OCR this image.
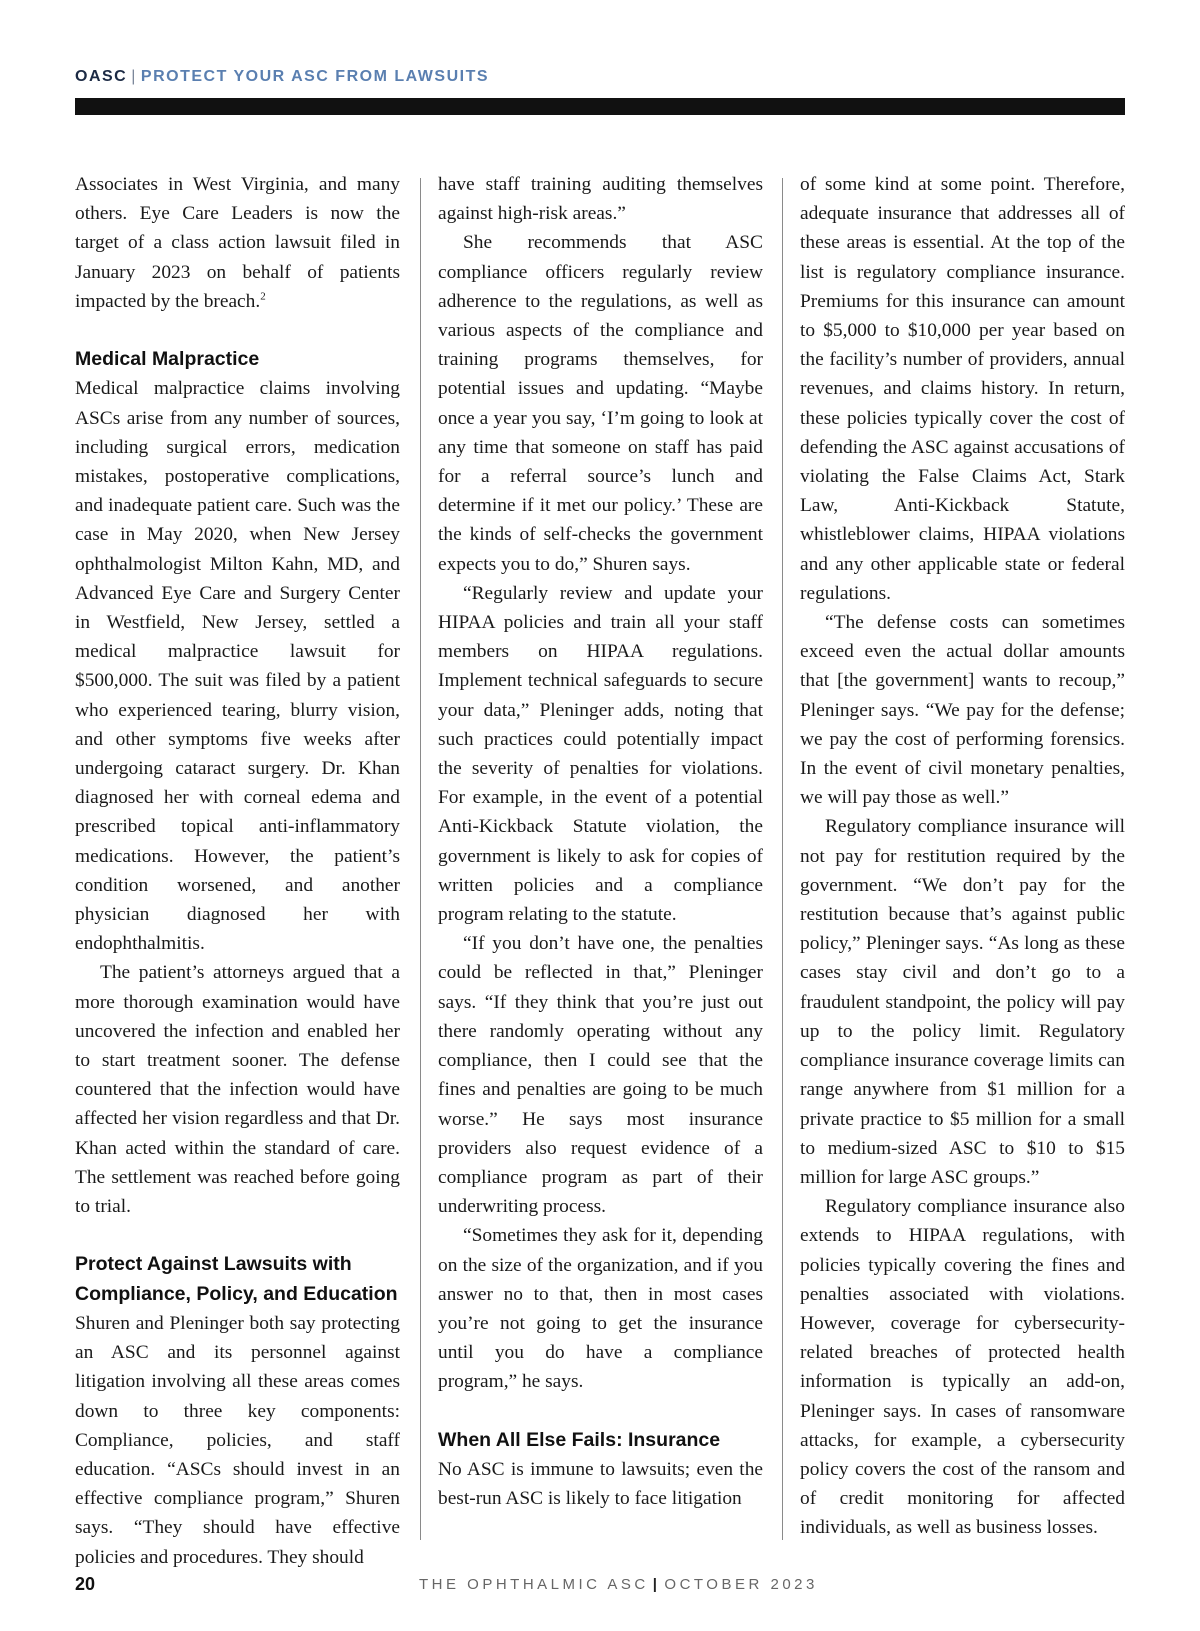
OASC | PROTECT YOUR ASC FROM LAWSUITS

Associates in West Virginia, and many others. Eye Care Leaders is now the target of a class action lawsuit filed in January 2023 on behalf of patients impacted by the breach.$^2$

Medical Malpractice

Medical malpractice claims involving ASCs arise from any number of sources, including surgical errors, medication mistakes, postoperative complications, and inadequate patient care. Such was the case in May 2020, when New Jersey ophthalmologist Milton Kahn, MD, and Advanced Eye Care and Surgery Center in Westfield, New Jersey, settled a medical malpractice lawsuit for $500,000. The suit was filed by a patient who experienced tearing, blurry vision, and other symptoms five weeks after undergoing cataract surgery. Dr. Khan diagnosed her with corneal edema and prescribed topical anti-inflammatory medications. However, the patient’s condition worsened, and another physician diagnosed her with endophthalmitis.

The patient’s attorneys argued that a more thorough examination would have uncovered the infection and enabled her to start treatment sooner. The defense countered that the infection would have affected her vision regardless and that Dr. Khan acted within the standard of care. The settlement was reached before going to trial.

Protect Against Lawsuits with Compliance, Policy, and Education

Shuren and Pleninger both say protecting an ASC and its personnel against litigation involving all these areas comes down to three key components: Compliance, policies, and staff education. “ASCs should invest in an effective compliance program,” Shuren says. “They should have effective policies and procedures. They should

have staff training auditing themselves against high-risk areas.”

She recommends that ASC compliance officers regularly review adherence to the regulations, as well as various aspects of the compliance and training programs themselves, for potential issues and updating. “Maybe once a year you say, ‘I’m going to look at any time that someone on staff has paid for a referral source’s lunch and determine if it met our policy.’ These are the kinds of self-checks the government expects you to do,” Shuren says.

“Regularly review and update your HIPAA policies and train all your staff members on HIPAA regulations. Implement technical safeguards to secure your data,” Pleninger adds, noting that such practices could potentially impact the severity of penalties for violations. For example, in the event of a potential Anti-Kickback Statute violation, the government is likely to ask for copies of written policies and a compliance program relating to the statute.

“If you don’t have one, the penalties could be reflected in that,” Pleninger says. “If they think that you’re just out there randomly operating without any compliance, then I could see that the fines and penalties are going to be much worse.” He says most insurance providers also request evidence of a compliance program as part of their underwriting process.

“Sometimes they ask for it, depending on the size of the organization, and if you answer no to that, then in most cases you’re not going to get the insurance until you do have a compliance program,” he says.

When All Else Fails: Insurance

No ASC is immune to lawsuits; even the best-run ASC is likely to face litigation

of some kind at some point. Therefore, adequate insurance that addresses all of these areas is essential. At the top of the list is regulatory compliance insurance. Premiums for this insurance can amount to $5,000 to $10,000 per year based on the facility’s number of providers, annual revenues, and claims history. In return, these policies typically cover the cost of defending the ASC against accusations of violating the False Claims Act, Stark Law, Anti-Kickback Statute, whistleblower claims, HIPAA violations and any other applicable state or federal regulations.

“The defense costs can sometimes exceed even the actual dollar amounts that [the government] wants to recoup,” Pleninger says. “We pay for the defense; we pay the cost of performing forensics. In the event of civil monetary penalties, we will pay those as well.”

Regulatory compliance insurance will not pay for restitution required by the government. “We don’t pay for the restitution because that’s against public policy,” Pleninger says. “As long as these cases stay civil and don’t go to a fraudulent standpoint, the policy will pay up to the policy limit. Regulatory compliance insurance coverage limits can range anywhere from $1 million for a private practice to $5 million for a small to medium-sized ASC to $10 to $15 million for large ASC groups.”

Regulatory compliance insurance also extends to HIPAA regulations, with policies typically covering the fines and penalties associated with violations. However, coverage for cybersecurity-related breaches of protected health information is typically an add-on, Pleninger says. In cases of ransomware attacks, for example, a cybersecurity policy covers the cost of the ransom and of credit monitoring for affected individuals, as well as business losses.

20	THE OPHTHALMIC ASC | OCTOBER 2023
